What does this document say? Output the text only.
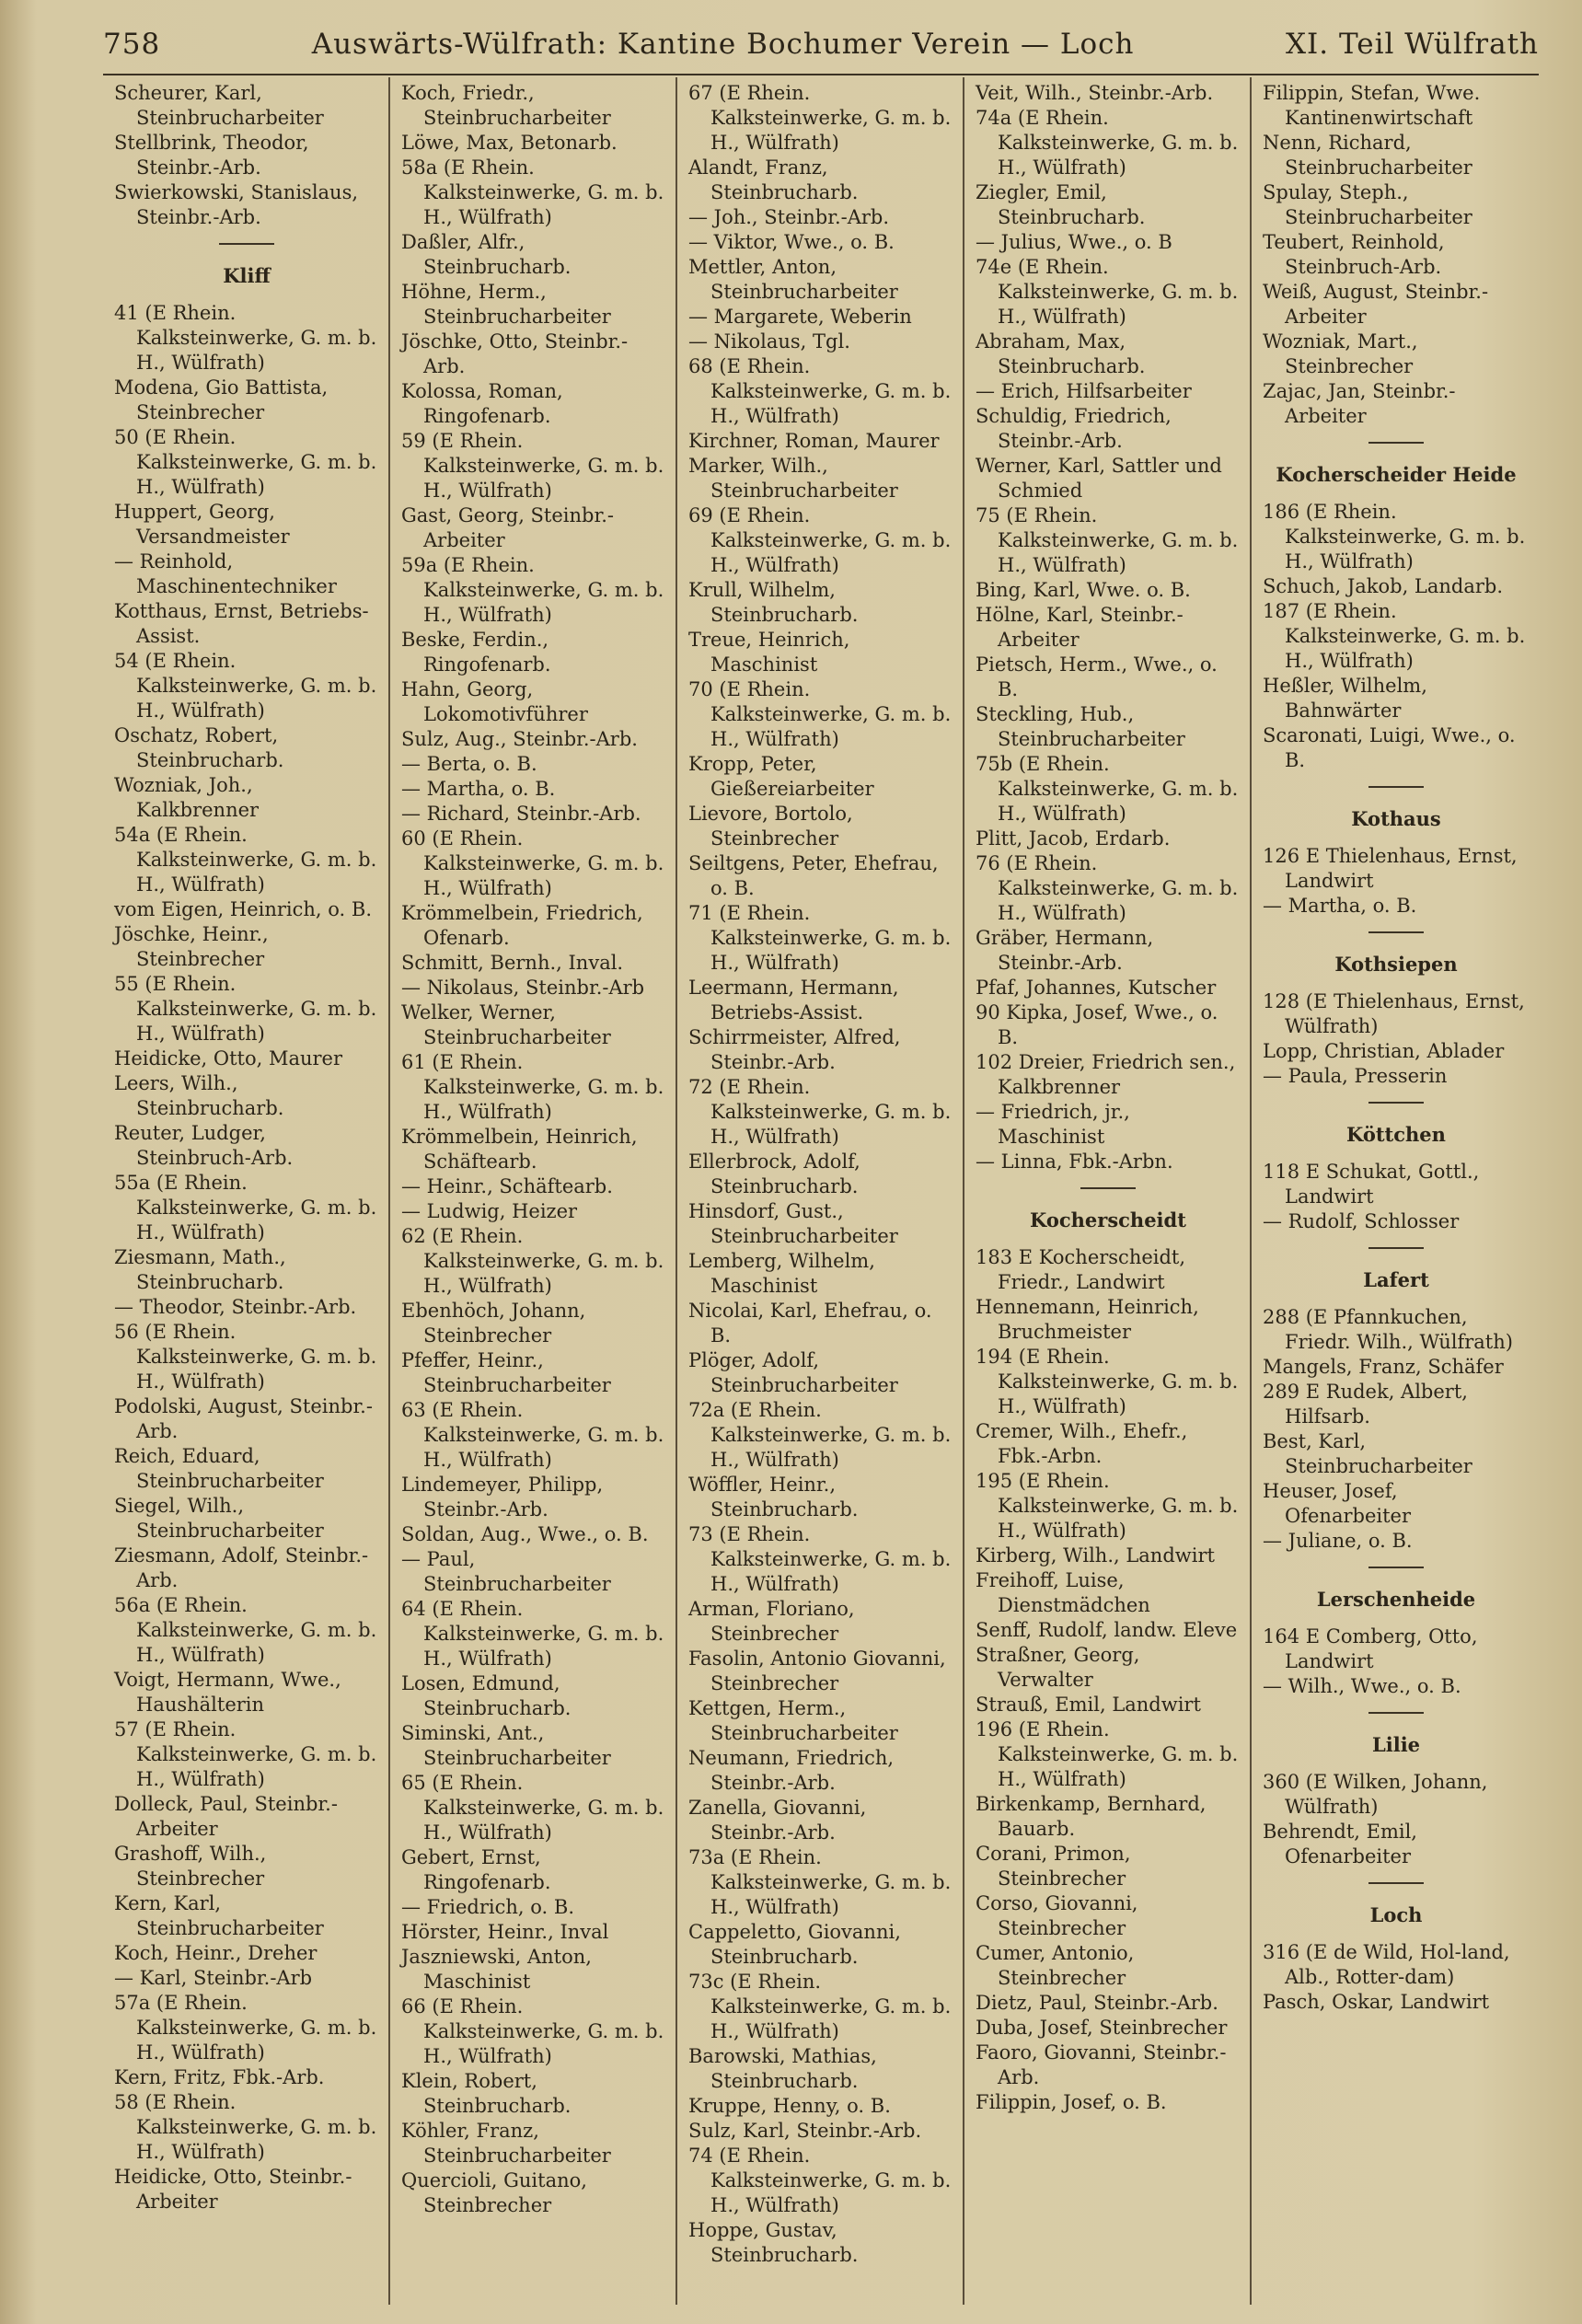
758	Auswärts-Wülfrath: Kantine Bochumer Verein — Loch	XI. Teil Wülfrath
Scheurer, Karl, Steinbrucharbeiter
Stellbrink, Theodor, Steinbr.-Arb.
Swierkowski, Stanislaus, Steinbr.-Arb.
Kliff
41 (E Rhein. Kalksteinwerke, G. m. b. H., Wülfrath)
Modena, Gio Battista, Steinbrecher
50 (E Rhein. Kalksteinwerke, G. m. b. H., Wülfrath)
Huppert, Georg, Versandmeister
— Reinhold, Maschinentechniker
Kotthaus, Ernst, Betriebs-Assist.
54 (E Rhein. Kalksteinwerke, G. m. b. H., Wülfrath)
Oschatz, Robert, Steinbrucharb.
Wozniak, Joh., Kalkbrenner
54a (E Rhein. Kalksteinwerke, G. m. b. H., Wülfrath)
vom Eigen, Heinrich, o. B.
Jöschke, Heinr., Steinbrecher
55 (E Rhein. Kalksteinwerke, G. m. b. H., Wülfrath)
Heidicke, Otto, Maurer
Leers, Wilh., Steinbrucharb.
Reuter, Ludger, Steinbruch-Arb.
55a (E Rhein. Kalksteinwerke, G. m. b. H., Wülfrath)
Ziesmann, Math., Steinbrucharb.
— Theodor, Steinbr.-Arb.
56 (E Rhein. Kalksteinwerke, G. m. b. H., Wülfrath)
Podolski, August, Steinbr.-Arb.
Reich, Eduard, Steinbrucharbeiter
Siegel, Wilh., Steinbrucharbeiter
Ziesmann, Adolf, Steinbr.-Arb.
56a (E Rhein. Kalksteinwerke, G. m. b. H., Wülfrath)
Voigt, Hermann, Wwe., Haushälterin
57 (E Rhein. Kalksteinwerke, G. m. b. H., Wülfrath)
Dolleck, Paul, Steinbr.-Arbeiter
Grashoff, Wilh., Steinbrecher
Kern, Karl, Steinbrucharbeiter
Koch, Heinr., Dreher
— Karl, Steinbr.-Arb
57a (E Rhein. Kalksteinwerke, G. m. b. H., Wülfrath)
Kern, Fritz, Fbk.-Arb.
58 (E Rhein. Kalksteinwerke, G. m. b. H., Wülfrath)
Heidicke, Otto, Steinbr.-Arbeiter
Koch, Friedr., Steinbrucharbeiter
Löwe, Max, Betonarb.
58a (E Rhein. Kalksteinwerke, G. m. b. H., Wülfrath)
Daßler, Alfr., Steinbrucharb.
Höhne, Herm., Steinbrucharbeiter
Jöschke, Otto, Steinbr.-Arb.
Kolossa, Roman, Ringofenarb.
59 (E Rhein. Kalksteinwerke, G. m. b. H., Wülfrath)
Gast, Georg, Steinbr.-Arbeiter
59a (E Rhein. Kalksteinwerke, G. m. b. H., Wülfrath)
Beske, Ferdin., Ringofenarb.
Hahn, Georg, Lokomotivführer
Sulz, Aug., Steinbr.-Arb.
— Berta, o. B.
— Martha, o. B.
— Richard, Steinbr.-Arb.
60 (E Rhein. Kalksteinwerke, G. m. b. H., Wülfrath)
Krömmelbein, Friedrich, Ofenarb.
Schmitt, Bernh., Inval.
— Nikolaus, Steinbr.-Arb
Welker, Werner, Steinbrucharbeiter
61 (E Rhein. Kalksteinwerke, G. m. b. H., Wülfrath)
Krömmelbein, Heinrich, Schäftearb.
— Heinr., Schäftearb.
— Ludwig, Heizer
62 (E Rhein. Kalksteinwerke, G. m. b. H., Wülfrath)
Ebenhöch, Johann, Steinbrecher
Pfeffer, Heinr., Steinbrucharbeiter
63 (E Rhein. Kalksteinwerke, G. m. b. H., Wülfrath)
Lindemeyer, Philipp, Steinbr.-Arb.
Soldan, Aug., Wwe., o. B.
— Paul, Steinbrucharbeiter
64 (E Rhein. Kalksteinwerke, G. m. b. H., Wülfrath)
Losen, Edmund, Steinbrucharb.
Siminski, Ant., Steinbrucharbeiter
65 (E Rhein. Kalksteinwerke, G. m. b. H., Wülfrath)
Gebert, Ernst, Ringofenarb.
— Friedrich, o. B.
Hörster, Heinr., Inval
Jaszniewski, Anton, Maschinist
66 (E Rhein. Kalksteinwerke, G. m. b. H., Wülfrath)
Klein, Robert, Steinbrucharb.
Köhler, Franz, Steinbrucharbeiter
Quercioli, Guitano, Steinbrecher
67 (E Rhein. Kalksteinwerke, G. m. b. H., Wülfrath)
Alandt, Franz, Steinbrucharb.
— Joh., Steinbr.-Arb.
— Viktor, Wwe., o. B.
Mettler, Anton, Steinbrucharbeiter
— Margarete, Weberin
— Nikolaus, Tgl.
68 (E Rhein. Kalksteinwerke, G. m. b. H., Wülfrath)
Kirchner, Roman, Maurer
Marker, Wilh., Steinbrucharbeiter
69 (E Rhein. Kalksteinwerke, G. m. b. H., Wülfrath)
Krull, Wilhelm, Steinbrucharb.
Treue, Heinrich, Maschinist
70 (E Rhein. Kalksteinwerke, G. m. b. H., Wülfrath)
Kropp, Peter, Gießereiarbeiter
Lievore, Bortolo, Steinbrecher
Seiltgens, Peter, Ehefrau, o. B.
71 (E Rhein. Kalksteinwerke, G. m. b. H., Wülfrath)
Leermann, Hermann, Betriebs-Assist.
Schirrmeister, Alfred, Steinbr.-Arb.
72 (E Rhein. Kalksteinwerke, G. m. b. H., Wülfrath)
Ellerbrock, Adolf, Steinbrucharb.
Hinsdorf, Gust., Steinbrucharbeiter
Lemberg, Wilhelm, Maschinist
Nicolai, Karl, Ehefrau, o. B.
Plöger, Adolf, Steinbrucharbeiter
72a (E Rhein. Kalksteinwerke, G. m. b. H., Wülfrath)
Wöffler, Heinr., Steinbrucharb.
73 (E Rhein. Kalksteinwerke, G. m. b. H., Wülfrath)
Arman, Floriano, Steinbrecher
Fasolin, Antonio Giovanni, Steinbrecher
Kettgen, Herm., Steinbrucharbeiter
Neumann, Friedrich, Steinbr.-Arb.
Zanella, Giovanni, Steinbr.-Arb.
73a (E Rhein. Kalksteinwerke, G. m. b. H., Wülfrath)
Cappeletto, Giovanni, Steinbrucharb.
73c (E Rhein. Kalksteinwerke, G. m. b. H., Wülfrath)
Barowski, Mathias, Steinbrucharb.
Kruppe, Henny, o. B.
Sulz, Karl, Steinbr.-Arb.
74 (E Rhein. Kalksteinwerke, G. m. b. H., Wülfrath)
Hoppe, Gustav, Steinbrucharb.
Veit, Wilh., Steinbr.-Arb.
74a (E Rhein. Kalksteinwerke, G. m. b. H., Wülfrath)
Ziegler, Emil, Steinbrucharb.
— Julius, Wwe., o. B
74e (E Rhein. Kalksteinwerke, G. m. b. H., Wülfrath)
Abraham, Max, Steinbrucharb.
— Erich, Hilfsarbeiter
Schuldig, Friedrich, Steinbr.-Arb.
Werner, Karl, Sattler und Schmied
75 (E Rhein. Kalksteinwerke, G. m. b. H., Wülfrath)
Bing, Karl, Wwe. o. B.
Hölne, Karl, Steinbr.-Arbeiter
Pietsch, Herm., Wwe., o. B.
Steckling, Hub., Steinbrucharbeiter
75b (E Rhein. Kalksteinwerke, G. m. b. H., Wülfrath)
Plitt, Jacob, Erdarb.
76 (E Rhein. Kalksteinwerke, G. m. b. H., Wülfrath)
Gräber, Hermann, Steinbr.-Arb.
Pfaf, Johannes, Kutscher
90 Kipka, Josef, Wwe., o. B.
102 Dreier, Friedrich sen., Kalkbrenner
— Friedrich, jr., Maschinist
— Linna, Fbk.-Arbn.
Kocherscheidt
183 E Kocherscheidt, Friedr., Landwirt
Hennemann, Heinrich, Bruchmeister
194 (E Rhein. Kalksteinwerke, G. m. b. H., Wülfrath)
Cremer, Wilh., Ehefr., Fbk.-Arbn.
195 (E Rhein. Kalksteinwerke, G. m. b. H., Wülfrath)
Kirberg, Wilh., Landwirt
Freihoff, Luise, Dienstmädchen
Senff, Rudolf, landw. Eleve
Straßner, Georg, Verwalter
Strauß, Emil, Landwirt
196 (E Rhein. Kalksteinwerke, G. m. b. H., Wülfrath)
Birkenkamp, Bernhard, Bauarb.
Corani, Primon, Steinbrecher
Corso, Giovanni, Steinbrecher
Cumer, Antonio, Steinbrecher
Dietz, Paul, Steinbr.-Arb.
Duba, Josef, Steinbrecher
Faoro, Giovanni, Steinbr.-Arb.
Filippin, Josef, o. B.
Filippin, Stefan, Wwe. Kantinenwirtschaft
Nenn, Richard, Steinbrucharbeiter
Spulay, Steph., Steinbrucharbeiter
Teubert, Reinhold, Steinbruch-Arb.
Weiß, August, Steinbr.-Arbeiter
Wozniak, Mart., Steinbrecher
Zajac, Jan, Steinbr.-Arbeiter
Kocherscheider Heide
186 (E Rhein. Kalksteinwerke, G. m. b. H., Wülfrath)
Schuch, Jakob, Landarb.
187 (E Rhein. Kalksteinwerke, G. m. b. H., Wülfrath)
Heßler, Wilhelm, Bahnwärter
Scaronati, Luigi, Wwe., o. B.
Kothaus
126 E Thielenhaus, Ernst, Landwirt
— Martha, o. B.
Kothsiepen
128 (E Thielenhaus, Ernst, Wülfrath)
Lopp, Christian, Ablader
— Paula, Presserin
Köttchen
118 E Schukat, Gottl., Landwirt
— Rudolf, Schlosser
Lafert
288 (E Pfannkuchen, Friedr. Wilh., Wülfrath)
Mangels, Franz, Schäfer
289 E Rudek, Albert, Hilfsarb.
Best, Karl, Steinbrucharbeiter
Heuser, Josef, Ofenarbeiter
— Juliane, o. B.
Lerschenheide
164 E Comberg, Otto, Landwirt
— Wilh., Wwe., o. B.
Lilie
360 (E Wilken, Johann, Wülfrath)
Behrendt, Emil, Ofenarbeiter
Loch
316 (E de Wild, Hol-land, Alb., Rotter-dam)
Pasch, Oskar, Landwirt
